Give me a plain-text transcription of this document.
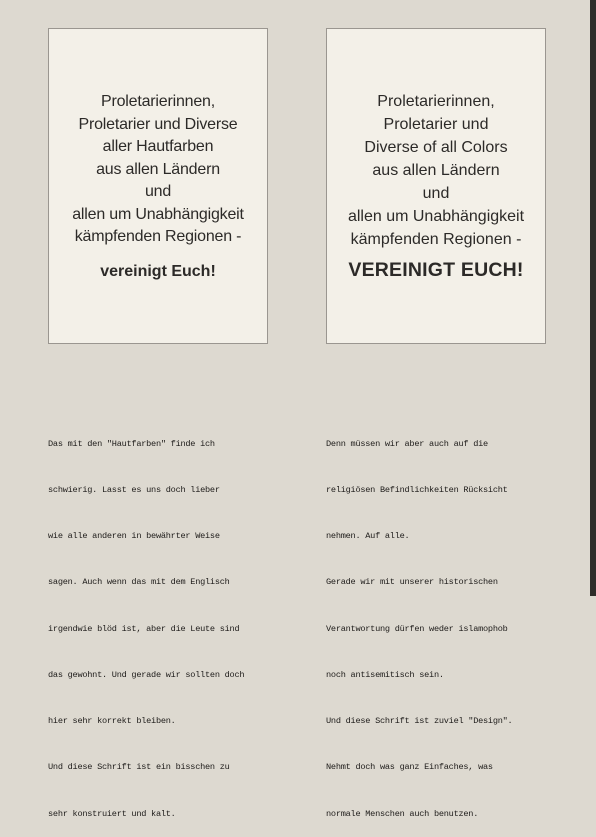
Proletarierinnen,
Proletarier und Diverse
aller Hautfarben
aus allen Ländern
und
allen um Unabhängigkeit
kämpfenden Regionen -
vereinigt Euch!
Proletarierinnen,
Proletarier und
Diverse of all Colors
aus allen Ländern
und
allen um Unabhängigkeit
kämpfenden Regionen -
VEREINIGT EUCH!

Das mit den "Hautfarben" finde ich

schwierig. Lasst es uns doch lieber

wie alle anderen in bewährter Weise

sagen. Auch wenn das mit dem Englisch

irgendwie blöd ist, aber die Leute sind

das gewohnt. Und gerade wir sollten doch

hier sehr korrekt bleiben.

Und diese Schrift ist ein bisschen zu

sehr konstruiert und kalt.

Denn müssen wir aber auch auf die

religiösen Befindlichkeiten Rücksicht

nehmen. Auf alle.

Gerade wir mit unserer historischen

Verantwortung dürfen weder islamophob

noch antisemitisch sein.

Und diese Schrift ist zuviel "Design".

Nehmt doch was ganz Einfaches, was

normale Menschen auch benutzen.
